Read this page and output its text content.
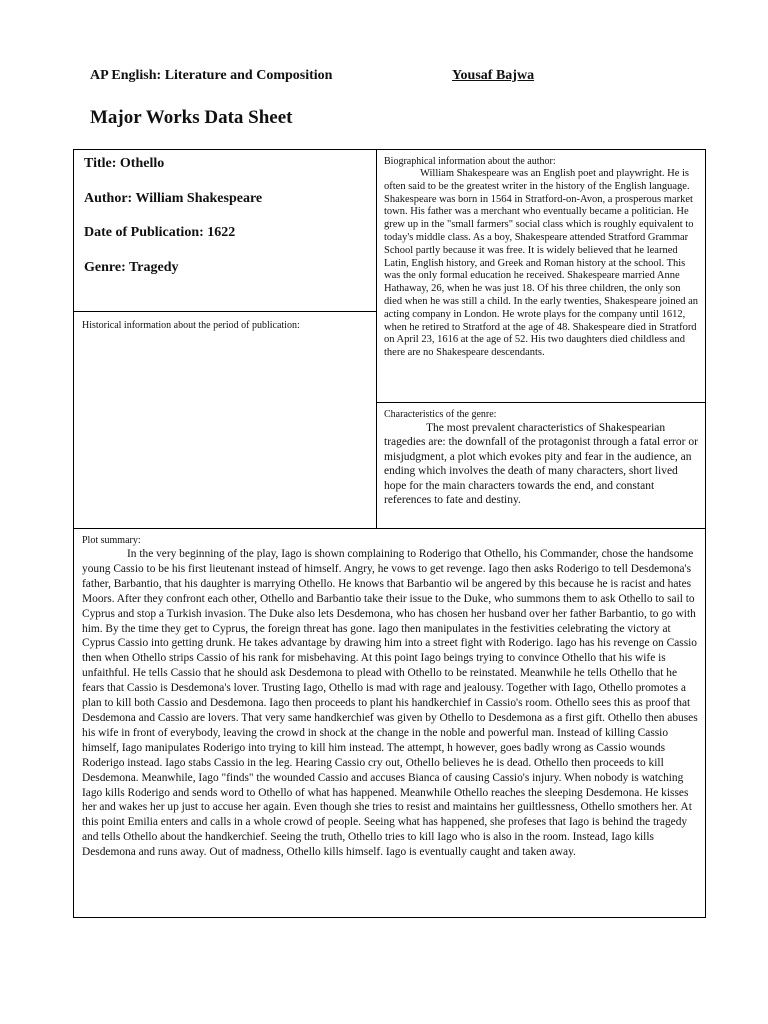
AP English: Literature and Composition	Yousaf Bajwa
Major Works Data Sheet
Title: Othello
Author: William Shakespeare
Date of Publication: 1622
Genre: Tragedy
Biographical information about the author:

William Shakespeare was an English poet and playwright. He is often said to be the greatest writer in the history of the English language. Shakespeare was born in 1564 in Stratford-on-Avon, a prosperous market town. His father was a merchant who eventually became a politician. He grew up in the "small farmers" social class which is roughly equivalent to today's middle class. As a boy, Shakespeare attended Stratford Grammar School partly because it was free. It is widely believed that he learned Latin, English history, and Greek and Roman history at the school. This was the only formal education he received. Shakespeare married Anne Hathaway, 26, when he was just 18. Of his three children, the only son died when he was still a child. In the early twenties, Shakespeare joined an acting company in London. He wrote plays for the company until 1612, when he retired to Stratford at the age of 48. Shakespeare died in Stratford on April 23, 1616 at the age of 52. His two daughters died childless and there are no Shakespeare descendants.

Historical information about the period of publication:
Characteristics of the genre:

The most prevalent characteristics of Shakespearian tragedies are: the downfall of the protagonist through a fatal error or misjudgment, a plot which evokes pity and fear in the audience, an ending which involves the death of many characters, short lived hope for the main characters towards the end, and constant references to fate and destiny.

Plot summary:

In the very beginning of the play, Iago is shown complaining to Roderigo that Othello, his Commander, chose the handsome young Cassio to be his first lieutenant instead of himself. Angry, he vows to get revenge. Iago then asks Roderigo to tell Desdemona's father, Barbantio, that his daughter is marrying Othello. He knows that Barbantio wil be angered by this because he is racist and hates Moors. After they confront each other, Othello and Barbantio take their issue to the Duke, who summons them to ask Othello to sail to Cyprus and stop a Turkish invasion. The Duke also lets Desdemona, who has chosen her husband over her father Barbantio, to go with him. By the time they get to Cyprus, the foreign threat has gone. Iago then manipulates in the festivities celebrating the victory at Cyprus Cassio into getting drunk. He takes advantage by drawing him into a street fight with Roderigo. Iago has his revenge on Cassio then when Othello strips Cassio of his rank for misbehaving. At this point Iago beings trying to convince Othello that his wife is unfaithful. He tells Cassio that he should ask Desdemona to plead with Othello to be reinstated. Meanwhile he tells Othello that he fears that Cassio is Desdemona's lover. Trusting Iago, Othello is mad with rage and jealousy. Together with Iago, Othello promotes a plan to kill both Cassio and Desdemona. Iago then proceeds to plant his handkerchief in Cassio's room. Othello sees this as proof that Desdemona and Cassio are lovers. That very same handkerchief was given by Othello to Desdemona as a first gift. Othello then abuses his wife in front of everybody, leaving the crowd in shock at the change in the noble and powerful man. Instead of killing Cassio himself, Iago manipulates Roderigo into trying to kill him instead. The attempt, h however, goes badly wrong as Cassio wounds Roderigo instead. Iago stabs Cassio in the leg. Hearing Cassio cry out, Othello believes he is dead. Othello then proceeds to kill Desdemona. Meanwhile, Iago "finds" the wounded Cassio and accuses Bianca of causing Cassio's injury. When nobody is watching Iago kills Roderigo and sends word to Othello of what has happened. Meanwhile Othello reaches the sleeping Desdemona. He kisses her and wakes her up just to accuse her again. Even though she tries to resist and maintains her guiltlessness, Othello smothers her. At this point Emilia enters and calls in a whole crowd of people. Seeing what has happened, she profeses that Iago is behind the tragedy and tells Othello about the handkerchief. Seeing the truth, Othello tries to kill Iago who is also in the room. Instead, Iago kills Desdemona and runs away. Out of madness, Othello kills himself. Iago is eventually caught and taken away.
